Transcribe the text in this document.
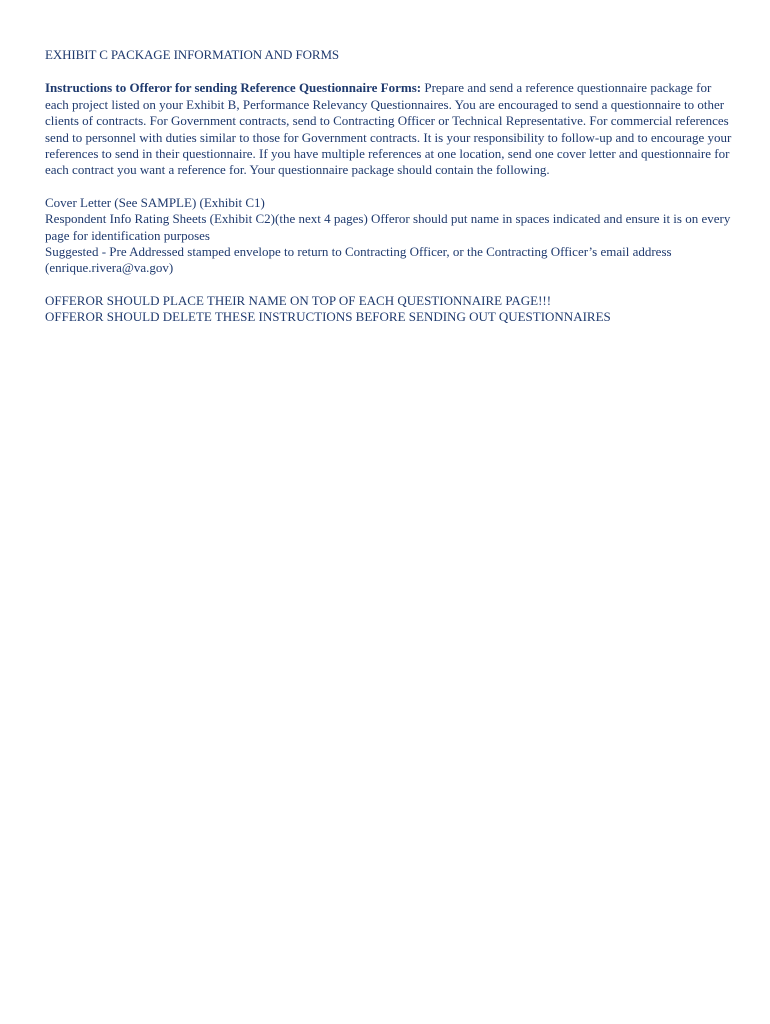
EXHIBIT C PACKAGE INFORMATION AND FORMS
Instructions to Offeror for sending Reference Questionnaire Forms: Prepare and send a reference questionnaire package for each project listed on your Exhibit B, Performance Relevancy Questionnaires. You are encouraged to send a questionnaire to other clients of contracts. For Government contracts, send to Contracting Officer or Technical Representative. For commercial references send to personnel with duties similar to those for Government contracts. It is your responsibility to follow-up and to encourage your references to send in their questionnaire. If you have multiple references at one location, send one cover letter and questionnaire for each contract you want a reference for. Your questionnaire package should contain the following.
Cover Letter (See SAMPLE) (Exhibit C1)
Respondent Info Rating Sheets (Exhibit C2)(the next 4 pages) Offeror should put name in spaces indicated and ensure it is on every page for identification purposes
Suggested - Pre Addressed stamped envelope to return to Contracting Officer, or the Contracting Officer’s email address (enrique.rivera@va.gov)
OFFEROR SHOULD PLACE THEIR NAME ON TOP OF EACH QUESTIONNAIRE PAGE!!!
OFFEROR SHOULD DELETE THESE INSTRUCTIONS BEFORE SENDING OUT QUESTIONNAIRES
